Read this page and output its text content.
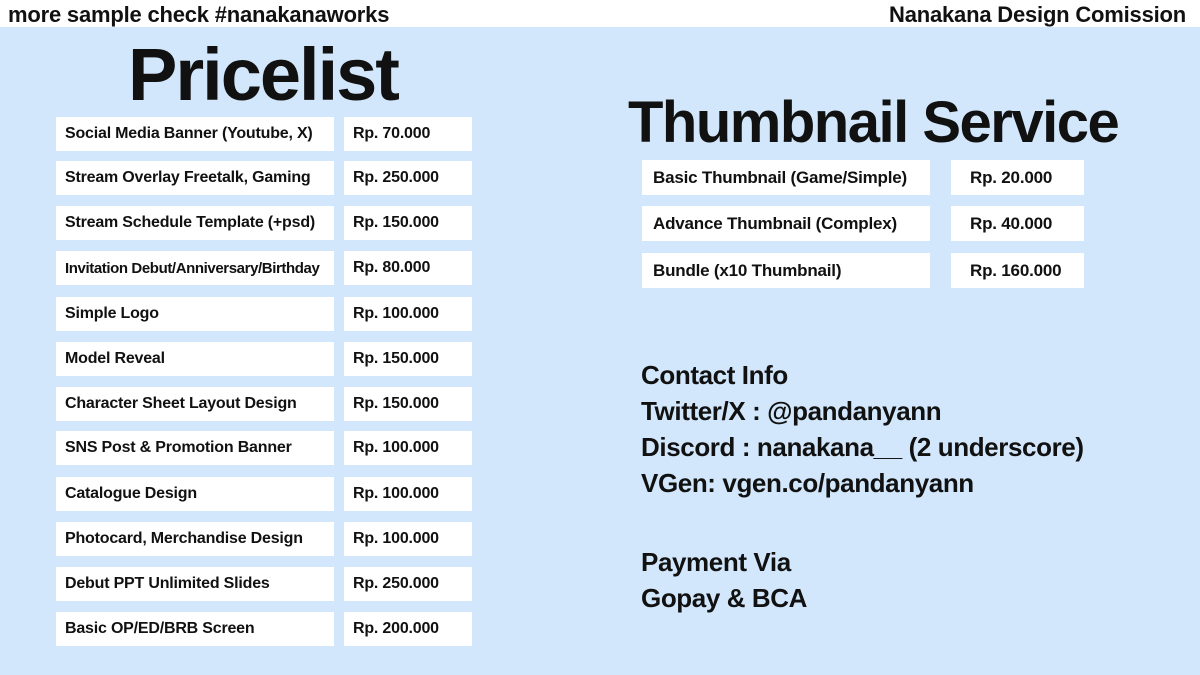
more sample check #nanakanaworks	Nanakana Design Comission
Pricelist
Social Media Banner (Youtube, X)	Rp. 70.000
Stream Overlay Freetalk, Gaming	Rp. 250.000
Stream Schedule Template (+psd)	Rp. 150.000
Invitation Debut/Anniversary/Birthday	Rp. 80.000
Simple Logo	Rp. 100.000
Model Reveal	Rp. 150.000
Character Sheet Layout Design	Rp. 150.000
SNS Post & Promotion Banner	Rp. 100.000
Catalogue Design	Rp. 100.000
Photocard, Merchandise Design	Rp. 100.000
Debut PPT Unlimited Slides	Rp. 250.000
Basic OP/ED/BRB Screen	Rp. 200.000
Thumbnail Service
Basic Thumbnail (Game/Simple)	Rp. 20.000
Advance Thumbnail (Complex)	Rp. 40.000
Bundle (x10 Thumbnail)	Rp. 160.000
Contact Info
Twitter/X : @pandanyann
Discord : nanakana__ (2 underscore)
VGen: vgen.co/pandanyann
Payment Via
Gopay & BCA
